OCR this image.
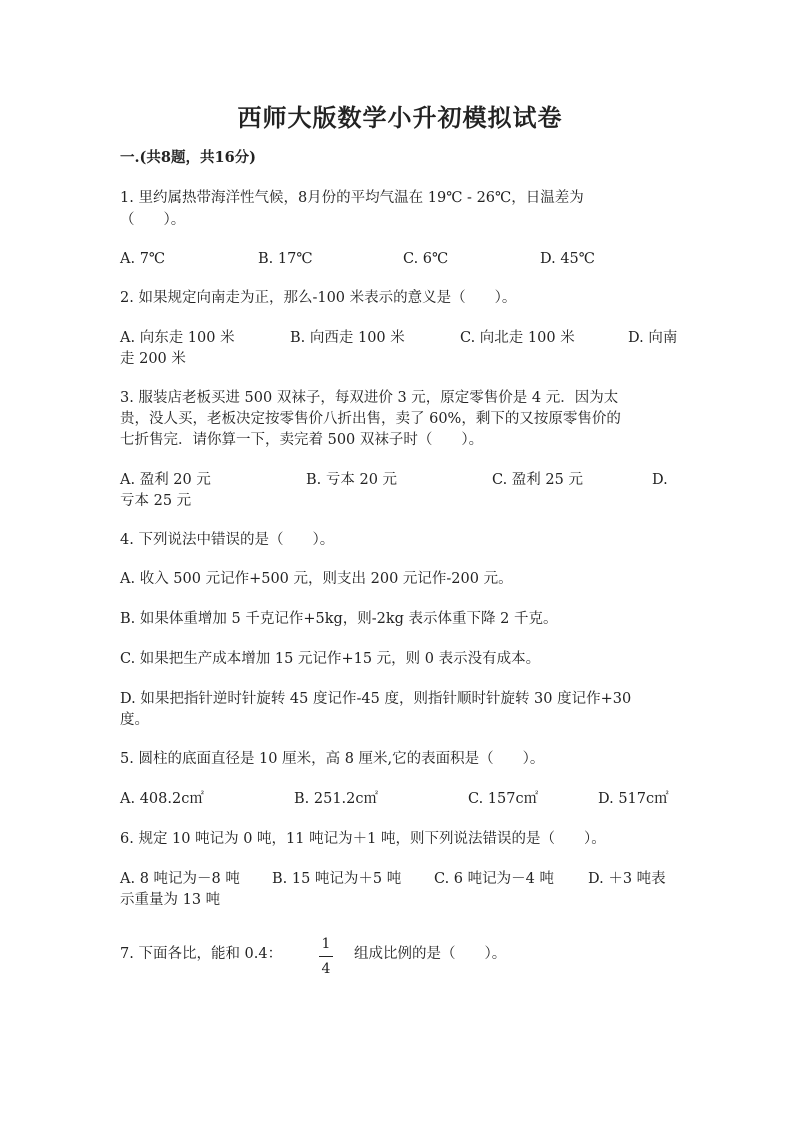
西师大版数学小升初模拟试卷
一.(共8题，共16分)
1. 里约属热带海洋性气候，8月份的平均气温在 19℃ - 26℃，日温差为
（　　）。
A. 7℃	B. 17℃	C. 6℃	D. 45℃
2. 如果规定向南走为正，那么-100 米表示的意义是（　　）。
A. 向东走 100 米	B. 向西走 100 米	C. 向北走 100 米	D. 向南
走 200 米
3. 服装店老板买进 500 双袜子，每双进价 3 元，原定零售价是 4 元．因为太
贵，没人买，老板决定按零售价八折出售，卖了 60%，剩下的又按原零售价的
七折售完．请你算一下，卖完着 500 双袜子时（　　）。
A. 盈利 20 元	B. 亏本 20 元	C. 盈利 25 元	D.
亏本 25 元
4. 下列说法中错误的是（　　）。
A. 收入 500 元记作+500 元，则支出 200 元记作-200 元。
B. 如果体重增加 5 千克记作+5kg，则-2kg 表示体重下降 2 千克。
C. 如果把生产成本增加 15 元记作+15 元，则 0 表示没有成本。
D. 如果把指针逆时针旋转 45 度记作-45 度，则指针顺时针旋转 30 度记作+30
度。
5. 圆柱的底面直径是 10 厘米，高 8 厘米,它的表面积是（　　）。
A. 408.2c㎡	B. 251.2c㎡	C. 157c㎡	D. 517c㎡
6. 规定 10 吨记为 0 吨，11 吨记为＋1 吨，则下列说法错误的是（　　）。
A. 8 吨记为－8 吨 B. 15 吨记为＋5 吨 C. 6 吨记为－4 吨 D. ＋3 吨表
示重量为 13 吨
7. 下面各比，能和 0.4：
1
4
组成比例的是（　　）。
